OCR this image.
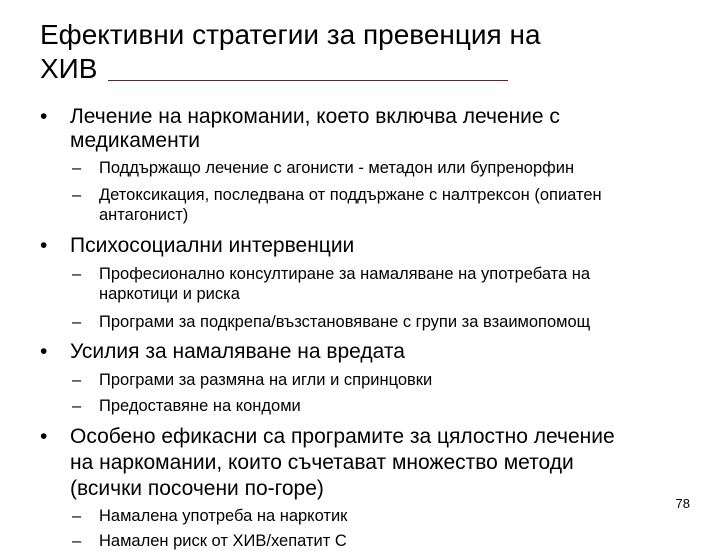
Ефективни стратегии за превенция на
ХИВ
•	Лечение на наркомании, което включва лечение с
медикаменти
–	Поддържащо лечение с агонисти - метадон или бупренорфин
–	Детоксикация, последвана от поддържане с налтрексон (опиатен
антагонист)
•	Психосоциални интервенции
–	Професионално консултиране за намаляване на употребата на
наркотици и риска
–	Програми за подкрепа/възстановяване с групи за взаимопомощ
•	Усилия за намаляване на вредата
–	Програми за размяна на игли и спринцовки
–	Предоставяне на кондоми
•	Особено ефикасни са програмите за цялостно лечение
на наркомании, които съчетават множество методи
(всички посочени по-горе)
–	Намалена употреба на наркотик
–	Намален риск от ХИВ/хепатит С
78
